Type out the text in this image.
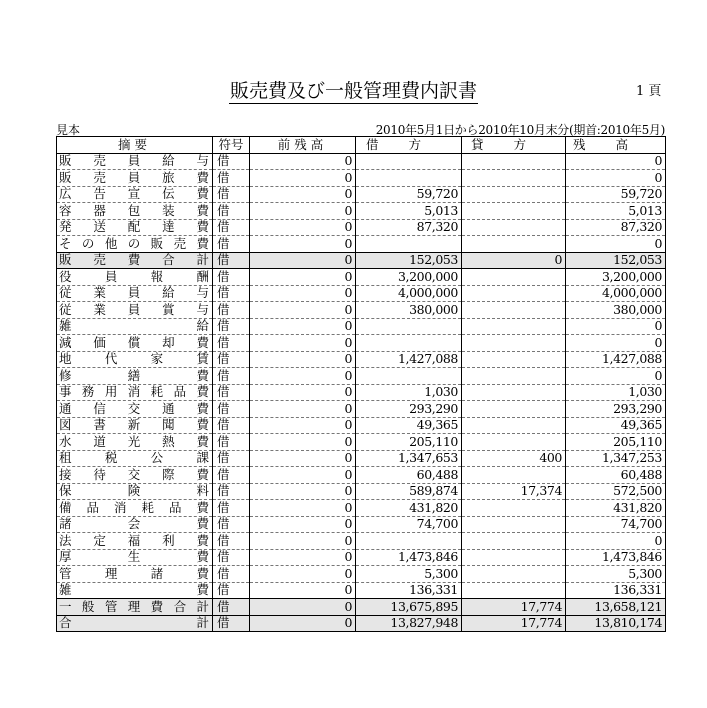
販売費及び一般管理費内訳書	1 頁
見本	2010年5月1日から2010年10月末分(期首:2010年5月)
摘要	符号	前残高	借方	貸方	残高
販売員給与	借	0			0
販売員旅費	借	0			0
広告宣伝費	借	0	59,720		59,720
容器包装費	借	0	5,013		5,013
発送配達費	借	0	87,320		87,320
その他の販売費	借	0			0
販売費合計	借	0	152,053	0	152,053
役員報酬	借	0	3,200,000		3,200,000
従業員給与	借	0	4,000,000		4,000,000
従業員賞与	借	0	380,000		380,000
雑給	借	0			0
減価償却費	借	0			0
地代家賃	借	0	1,427,088		1,427,088
修繕費	借	0			0
事務用消耗品費	借	0	1,030		1,030
通信交通費	借	0	293,290		293,290
図書新聞費	借	0	49,365		49,365
水道光熱費	借	0	205,110		205,110
租税公課	借	0	1,347,653	400	1,347,253
接待交際費	借	0	60,488		60,488
保険料	借	0	589,874	17,374	572,500
備品消耗品費	借	0	431,820		431,820
諸会費	借	0	74,700		74,700
法定福利費	借	0			0
厚生費	借	0	1,473,846		1,473,846
管理諸費	借	0	5,300		5,300
雑費	借	0	136,331		136,331
一般管理費合計	借	0	13,675,895	17,774	13,658,121
合計	借	0	13,827,948	17,774	13,810,174
